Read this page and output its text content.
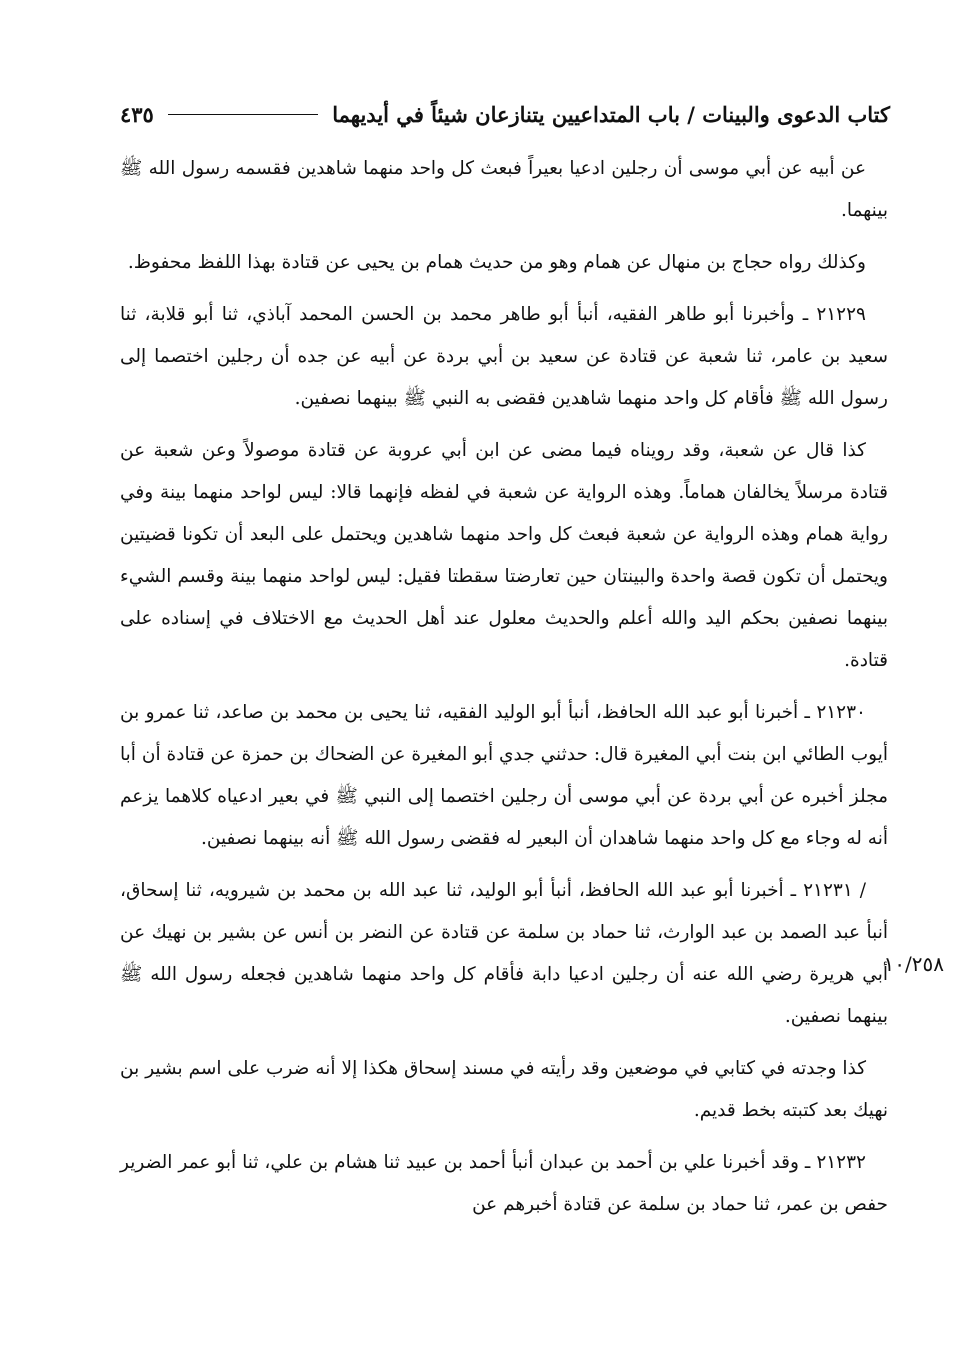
كتاب الدعوى والبينات / باب المتداعيين يتنازعان شيئاً في أيديهما
٤٣٥
١٠/٢٥٨

عن أبيه عن أبي موسى أن رجلين ادعيا بعيراً فبعث كل واحد منهما شاهدين فقسمه رسول الله ﷺ بينهما.

وكذلك رواه حجاج بن منهال عن همام وهو من حديث همام بن يحيى عن قتادة بهذا اللفظ محفوظ.

٢١٢٢٩ ـ وأخبرنا أبو طاهر الفقيه، أنبأ أبو طاهر محمد بن الحسن المحمد آباذي، ثنا أبو قلابة، ثنا سعيد بن عامر، ثنا شعبة عن قتادة عن سعيد بن أبي بردة عن أبيه عن جده أن رجلين اختصما إلى رسول الله ﷺ فأقام كل واحد منهما شاهدين فقضى به النبي ﷺ بينهما نصفين.

كذا قال عن شعبة، وقد رويناه فيما مضى عن ابن أبي عروبة عن قتادة موصولاً وعن شعبة عن قتادة مرسلاً يخالفان هماماً. وهذه الرواية عن شعبة في لفظه فإنهما قالا: ليس لواحد منهما بينة وفي رواية همام وهذه الرواية عن شعبة فبعث كل واحد منهما شاهدين ويحتمل على البعد أن تكونا قضيتين ويحتمل أن تكون قصة واحدة والبينتان حين تعارضتا سقطتا فقيل: ليس لواحد منهما بينة وقسم الشيء بينهما نصفين بحكم اليد والله أعلم والحديث معلول عند أهل الحديث مع الاختلاف في إسناده على قتادة.

٢١٢٣٠ ـ أخبرنا أبو عبد الله الحافظ، أنبأ أبو الوليد الفقيه، ثنا يحيى بن محمد بن صاعد، ثنا عمرو بن أيوب الطائي ابن بنت أبي المغيرة قال: حدثني جدي أبو المغيرة عن الضحاك بن حمزة عن قتادة أن أبا مجلز أخبره عن أبي بردة عن أبي موسى أن رجلين اختصما إلى النبي ﷺ في بعير ادعياه كلاهما يزعم أنه له وجاء مع كل واحد منهما شاهدان أن البعير له فقضى رسول الله ﷺ أنه بينهما نصفين.

/ ٢١٢٣١ ـ أخبرنا أبو عبد الله الحافظ، أنبأ أبو الوليد، ثنا عبد الله بن محمد بن شيرويه، ثنا إسحاق، أنبأ عبد الصمد بن عبد الوارث، ثنا حماد بن سلمة عن قتادة عن النضر بن أنس عن بشير بن نهيك عن أبي هريرة رضي الله عنه أن رجلين ادعيا دابة فأقام كل واحد منهما شاهدين فجعله رسول الله ﷺ بينهما نصفين.

كذا وجدته في كتابي في موضعين وقد رأيته في مسند إسحاق هكذا إلا أنه ضرب على اسم بشير بن نهيك بعد كتبته بخط قديم.

٢١٢٣٢ ـ وقد أخبرنا علي بن أحمد بن عبدان أنبأ أحمد بن عبيد ثنا هشام بن علي، ثنا أبو عمر الضرير حفص بن عمر، ثنا حماد بن سلمة عن قتادة أخبرهم عن
